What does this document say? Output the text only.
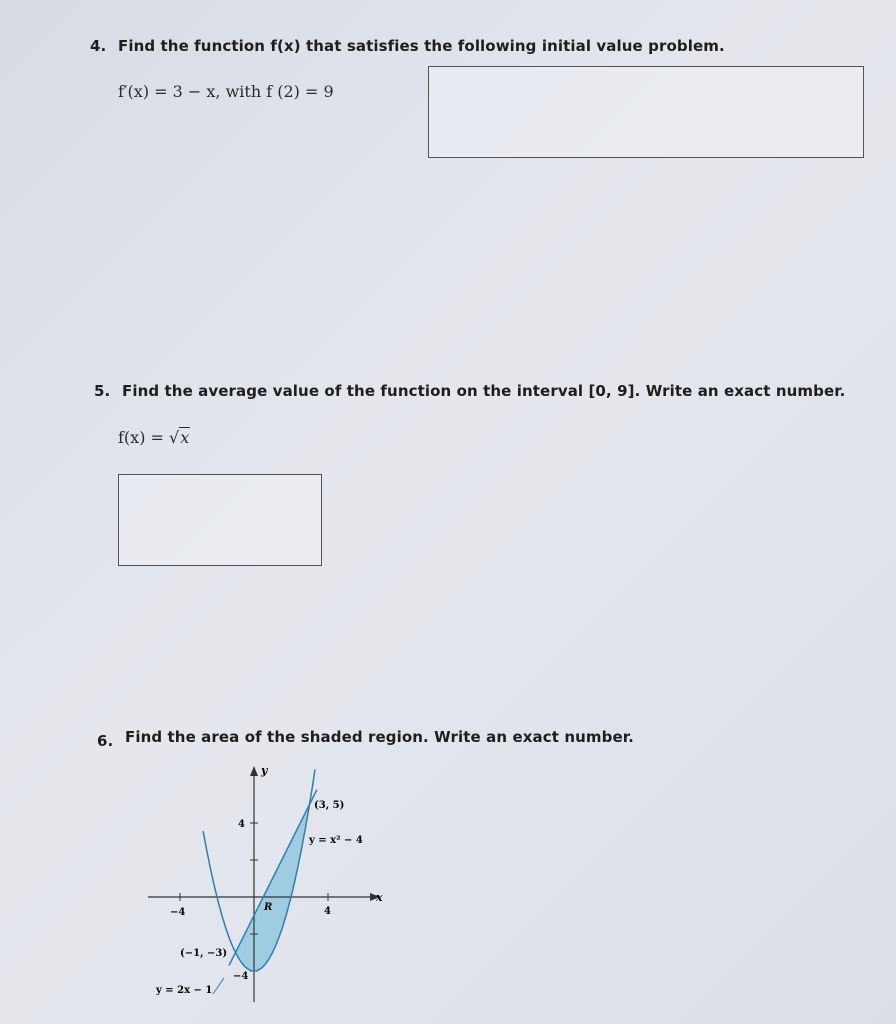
4. Find the function f(x) that satisfies the following initial value problem.
f′(x) = 3 − x, with f (2) = 9
5. Find the average value of the function on the interval [0, 9]. Write an exact number.
f(x) = √x
6. Find the area of the shaded region. Write an exact number.
y
x
4
−4	4
−4
(3, 5)
(−1, −3)
R
y = x² − 4
y = 2x − 1
